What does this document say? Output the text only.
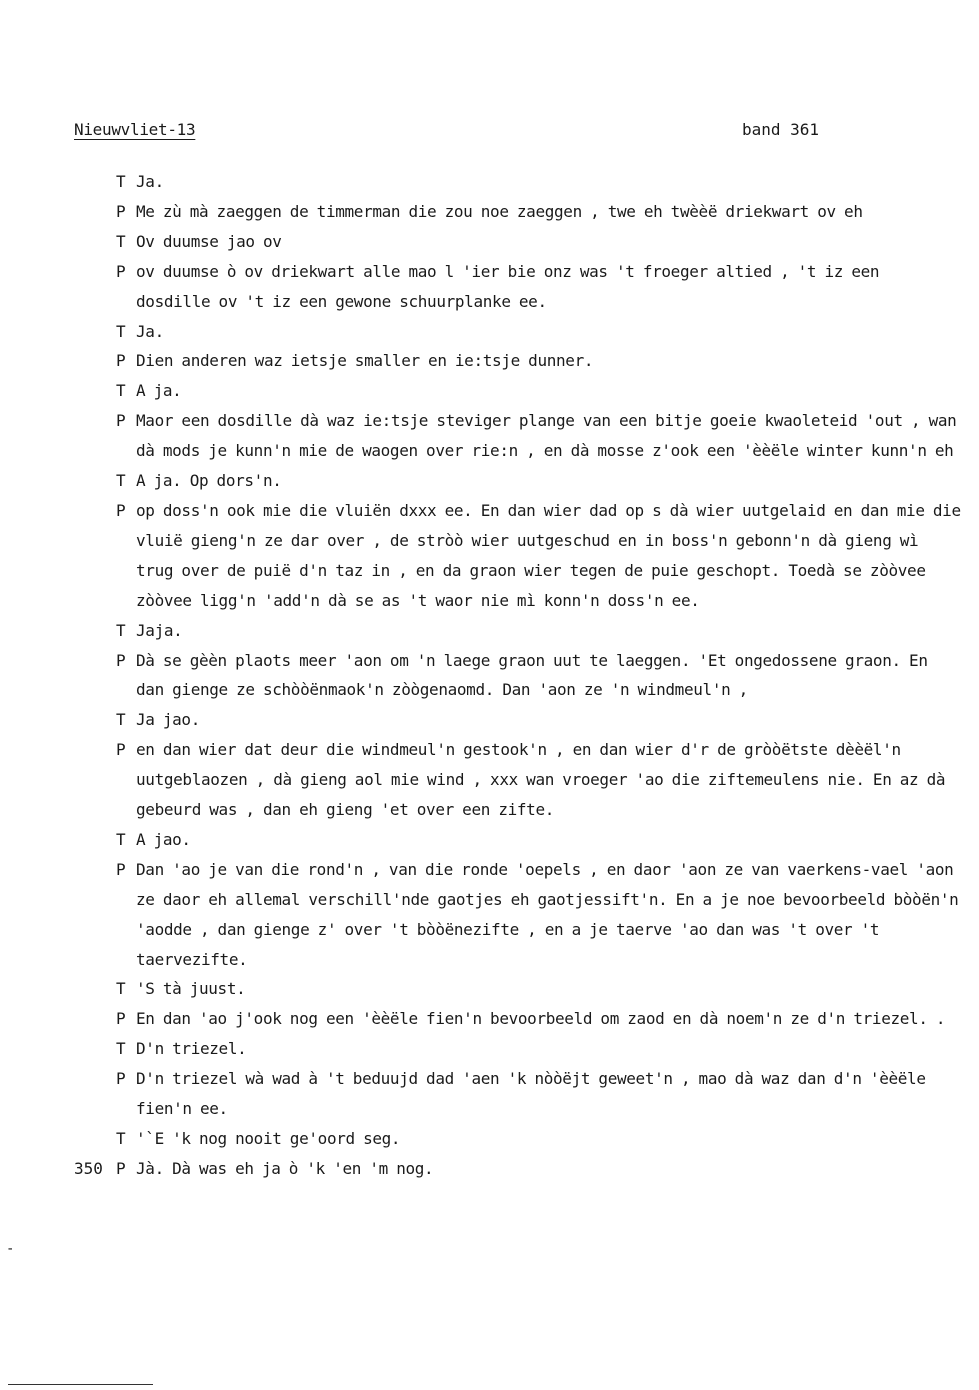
Nieuwvliet-13	band 361
T Ja.
P Me zù mà zaeggen de timmerman die zou noe zaeggen , twe eh twèèë driekwart ov eh
T Ov duumse jao ov
P ov duumse ò ov driekwart alle mao l 'ier bie onz was 't froeger altied , 't iz een dosdille ov 't iz een gewone schuurplanke ee.
T Ja.
P Dien anderen waz ietsje smaller en ie:tsje dunner.
T A ja.
P Maor een dosdille dà waz ie:tsje steviger plange van een bitje goeie kwaoleteid 'out , wan dà mods je kunn'n mie de waogen over rie:n , en dà mosse z'ook een 'èèële winter kunn'n eh
T A ja. Op dors'n.
P op doss'n ook mie die vluiën dxxx ee. En dan wier dad op s dà wier uutgelaid en dan mie die vluië gieng'n ze dar over , de stròò wier uutgeschud en in boss'n gebonn'n dà gieng wì trug over de puië d'n taz in , en da graon wier tegen de puie geschopt. Toedà se zòòvee zòòvee ligg'n 'add'n dà se as 't waor nie mì konn'n doss'n ee.
T Jaja.
P Dà se gèèn plaots meer 'aon om 'n laege graon uut te laeggen. 'Et ongedossene graon. En dan gienge ze schòòënmaok'n zòògenaomd. Dan 'aon ze 'n windmeul'n ,
T Ja jao.
P en dan wier dat deur die windmeul'n gestook'n , en dan wier d'r de gròòëtste dèèël'n uutgeblaozen , dà gieng aol mie wind , xxx wan vroeger 'ao die ziftemeulens nie. En az dà gebeurd was , dan eh gieng 'et over een zifte.
T A jao.
P Dan 'ao je van die rond'n , van die ronde 'oepels , en daor 'aon ze van vaerkens-vael 'aon ze daor eh allemal verschill'nde gaotjes eh gaotjessift'n. En a je noe bevoorbeeld bòòën'n 'aodde , dan gienge z' over 't bòòënezifte , en a je taerve 'ao dan was 't over 't taervezifte.
T 'S tà juust.
P En dan 'ao j'ook nog een 'èèële fien'n bevoorbeeld om zaod en dà noem'n ze d'n triezel. .
T D'n triezel.
P D'n triezel wà wad à 't beduujd dad 'aen 'k nòòëjt geweet'n , mao dà waz dan d'n 'èèële fien'n ee.
T '`E 'k nog nooit ge'oord seg.
350 P Jà. Dà was eh ja ò 'k 'en 'm nog.
-
